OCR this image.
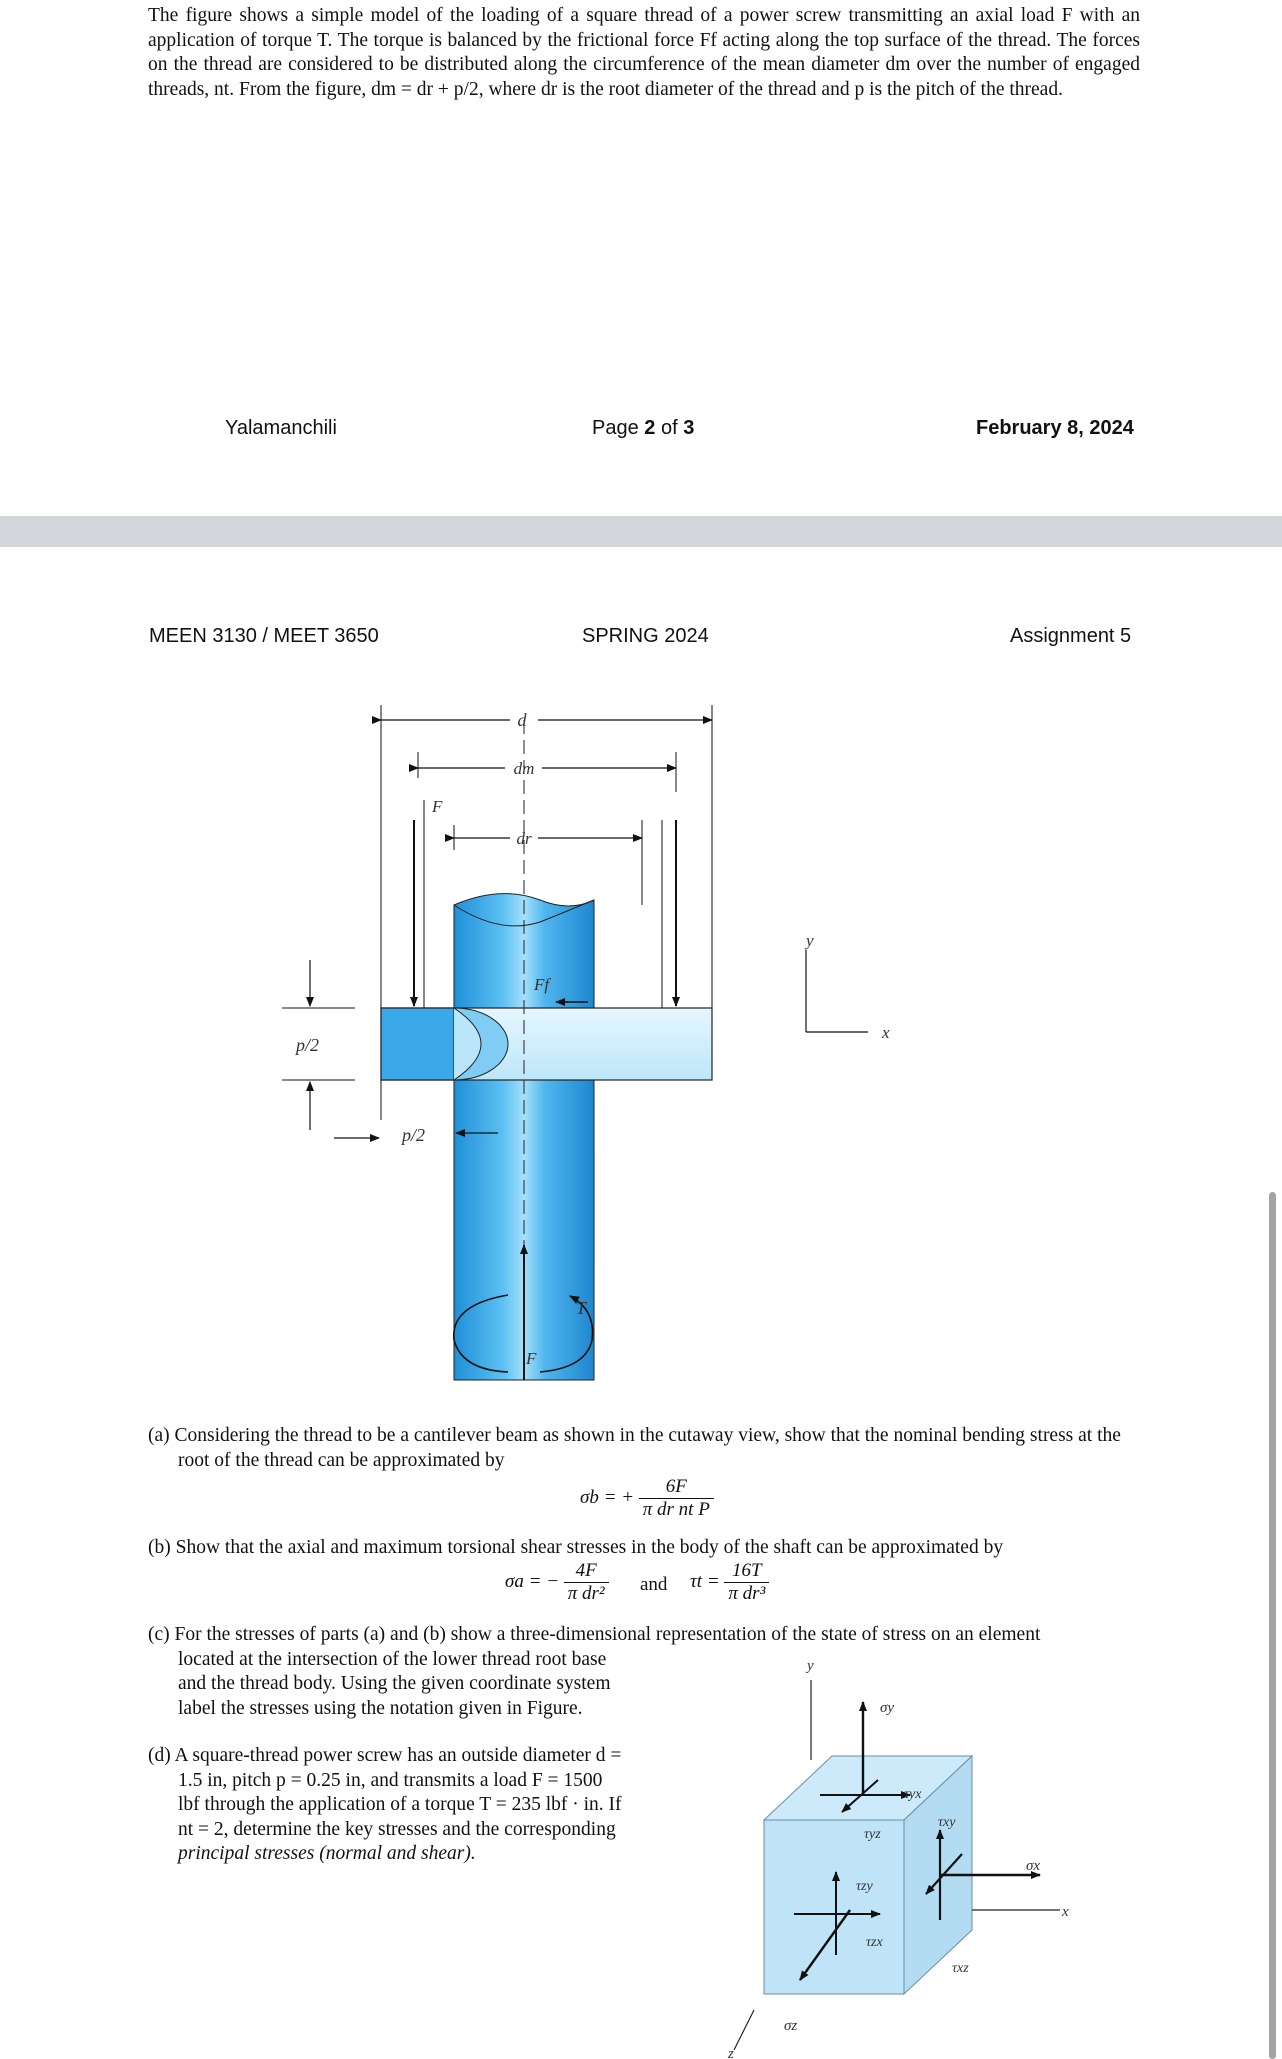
The figure shows a simple model of the loading of a square thread of a power screw transmitting an axial load F with an application of torque T. The torque is balanced by the frictional force Ff acting along the top surface of the thread. The forces on the thread are considered to be distributed along the circumference of the mean diameter dm over the number of engaged threads, nt. From the figure, dm = dr + p/2, where dr is the root diameter of the thread and p is the pitch of the thread.

Yalamanchili	Page 2 of 3	February 8, 2024
MEEN 3130 / MEET 3650	SPRING 2024	Assignment 5
d
dm
dr
F
Ff
p/2
p/2
F
T
y
x
(a) Considering the thread to be a cantilever beam as shown in the cutaway view, show that the nominal bending stress at the root of the thread can be approximated by
σb = + $\frac{6F}{\text{π dr nt P}}$
(b) Show that the axial and maximum torsional shear stresses in the body of the shaft can be approximated by
σa = − $\frac{4F}{\text{π dr²}}$ and $\tau t = \frac{16T}{\text{π dr³}}$
(c) For the stresses of parts (a) and (b) show a three-dimensional representation of the state of stress on an element
located at the intersection of the lower thread root base
and the thread body. Using the given coordinate system
label the stresses using the notation given in Figure.
(d) A square-thread power screw has an outside diameter d =
1.5 in, pitch p = 0.25 in, and transmits a load F = 1500
lbf through the application of a torque T = 235 lbf · in. If
nt = 2, determine the key stresses and the corresponding
principal stresses (normal and shear).
y
x
z
σy
τyx
τyz
σx
τxy
τxz
σz
τzy
τzx
